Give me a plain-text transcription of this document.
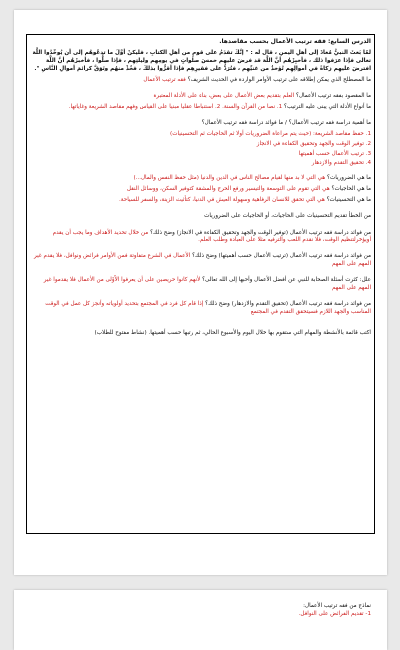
الدرس السابع: فقه ترتيب الأعمال بحسب مقاصدها.
لمّا بَعثَ النبيُّ مُعاذَ إلى أهلِ اليمنِ ، قال له : " إنَّكَ تقدَمُ على قومٍ من أهلِ الكتابِ ، فليكنْ أوَّلَ ما تدعُوهُم إلى أن يُوحِّدُوا اللَّهَ تعالى فإذا عرَفوا ذلك ، فأخبِرْهُم أنَّ اللَّهَ قد فرضَ عليهم خمسَ صلواتٍ في يومِهِم وليلتِهِم ، فإذا صلُّوا ، فأخبرْهُم أنَّ اللَّهَ افترضَ عليهِم زكاةً في أموالِهِم تُؤخذُ من غنيِّهِم ، فتُرَدُّ على فقيرِهِم فإذا أقرُّوا بذلكَ ، فخُذْ منهُم وتَوَقَّ كرائمَ أموالِ النَّاسِ ".
ما المصطلح الذي يمكن إطلاقه على ترتيب الأوامر الواردة في الحديث الشريف؟ فقه ترتيب الأعمال
ما المقصود بفقه ترتيب الأعمال؟ العلم بتقديم بعض الأعمال على بعض، بناء على الأدلة المعتبرة
ما أنواع الأدلة التي يبنى عليه الترتيب؟ 1. نصا من القرآن والسنة. 2. استنباطا عقليا مبنيا على القياس وفهم مقاصد الشريعة وغاياتها.
ما أهمية دراسة فقه ترتيب الأعمال؟ / ما فوائد دراسة فقه ترتيب الأعمال؟
1. حفظ مقاصد الشريعة: (حيث يتم مراعاة الضروريات أولا ثم الحاجيات ثم التحسينيات)
2. توفير الوقت والجهد وتحقيق الكفاءة في الانجاز
3. ترتيب الأعمال حسب أهميتها
4. تحقيق التقدم والازدهار
ما هي الضروريات؟ هي التي لا بد منها لقيام مصالح الناس في الدين والدنيا (مثل حفظ النفس والمال...)
ما هي الحاجيات؟ هي التي تقوم على التوسعة والتيسير ورفع الحرج والمشقة كتوفير السكن، ووسائل النقل
ما هي التحسينيات؟ هي التي تحقق للانسان الرفاهية وسهولة العيش في الدنيا، كتأثيث الزينة، والسفر للسياحة.
من الخطأ تقديم التحسينيات على الحاجيات، أو الحاجيات على الضروريات
من فوائد دراسة فقه ترتيب الأعمال (توفير الوقت والجهد وتحقيق الكفاءة في الانجاز) وضح ذلك؟ من خلال تحديد الأهداف وما يجب أن يقدم أويؤخرلتنظيم الوقت، فلا نقدم اللعب والترفيه مثلا على العبادة وطلب العلم.
من فوائد دراسة فقه ترتيب الأعمال (ترتيب الأعمال حسب أهميتها) وضح ذلك؟ الأعمال في الشرع متفاوتة فمن الأوامر فرائض ونوافل، فلا يقدم غير المهم على المهم
علل: كثرت أسئلة الصحابة للنبي عن أفضل الأعمال وأحبها إلى الله تعالى؟ لأنهم كانوا حريصين على أن يعرفوا الأَوْلى من الأعمال فلا يقدموا غير المهم على المهم
من فوائد دراسة فقه ترتيب الأعمال (تحقيق التقدم والازدهار) وضح ذلك؟ إذا قام كل فرد في المجتمع بتحديد أولوياته وأنجز كل عمل في الوقت المناسب والجهد اللازم فسيتحقق التقدم في المجتمع
اكتب قائمة بالأنشطة والمهام التي ستقوم بها خلال اليوم والأسبوع الحالي، ثم رتبها حسب أهميتها. (نشاط مفتوح للطلاب)
نماذج من فقه ترتيب الأعمال:
1- تقديم الفرائض على النوافل.
